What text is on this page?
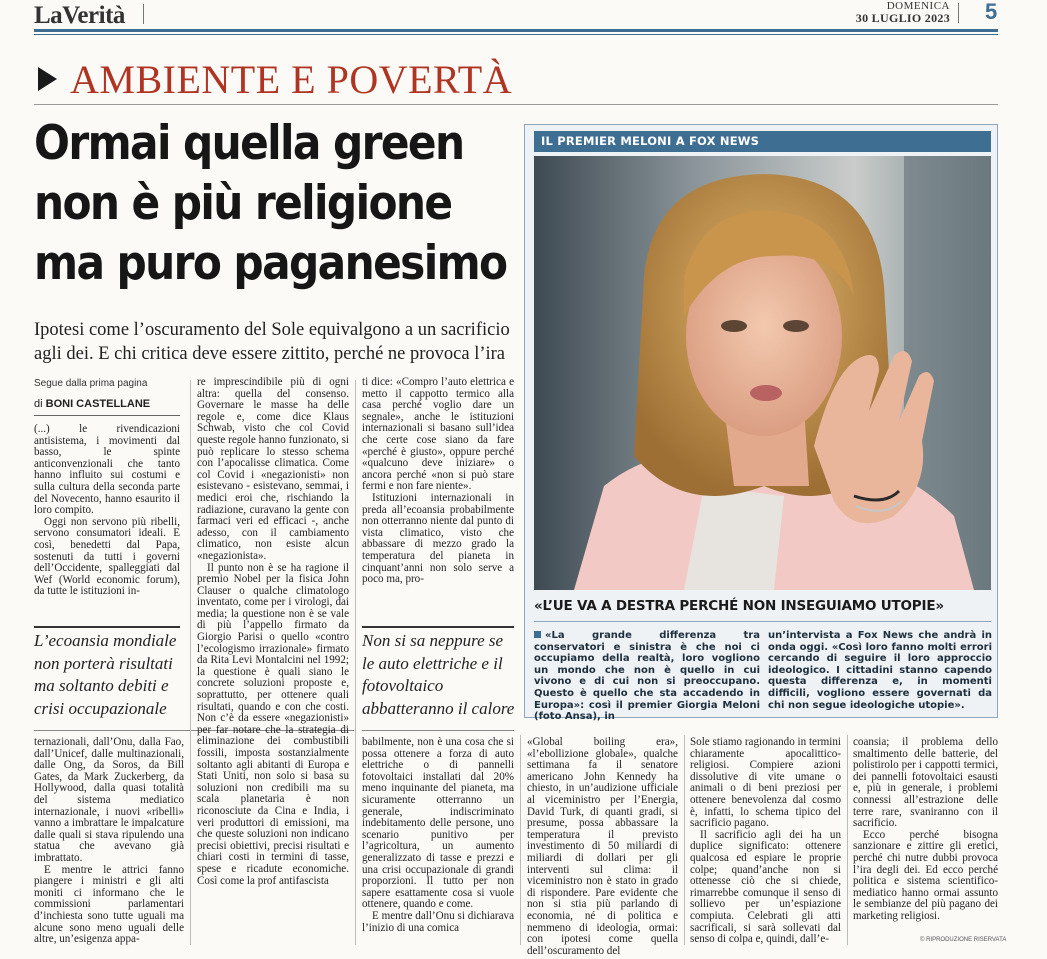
LaVerità	DOMENICA
30 LUGLIO 2023 5
AMBIENTE E POVERTÀ
Ormai quella green
non è più religione
ma puro paganesimo
Ipotesi come l’oscuramento del Sole equivalgono a un sacrificio agli dei. E chi critica deve essere zittito, perché ne provoca l’ira
Segue dalla prima pagina
di BONI CASTELLANE

(...) le rivendicazioni antisistema, i movimenti dal basso, le spinte anticonvenzionali che tanto hanno influito sui costumi e sulla cultura della seconda parte del Novecento, hanno esaurito il loro compito.

Oggi non servono più ribelli, servono consumatori ideali. E così, benedetti dal Papa, sostenuti da tutti i governi dell’Occidente, spalleggiati dal Wef (World economic forum), da tutte le istituzioni in-

L’ecoansia mondiale non porterà risultati ma soltanto debiti e crisi occupazionale

ternazionali, dall’Onu, dalla Fao, dall’Unicef, dalle multinazionali, dalle Ong, da Soros, da Bill Gates, da Mark Zuckerberg, da Hollywood, dalla quasi totalità del sistema mediatico internazionale, i nuovi «ribelli» vanno a imbrattare le impalcature dalle quali si stava ripulendo una statua che avevano già imbrattato.

E mentre le attrici fanno piangere i ministri e gli alti moniti ci informano che le commissioni parlamentari d’inchiesta sono tutte uguali ma alcune sono meno uguali delle altre, un’esigenza appa-

re imprescindibile più di ogni altra: quella del consenso. Governare le masse ha delle regole e, come dice Klaus Schwab, visto che col Covid queste regole hanno funzionato, si può replicare lo stesso schema con l’apocalisse climatica. Come col Covid i «negazionisti» non esistevano - esistevano, semmai, i medici eroi che, rischiando la radiazione, curavano la gente con farmaci veri ed efficaci -, anche adesso, con il cambiamento climatico, non esiste alcun «negazionista».

Il punto non è se ha ragione il premio Nobel per la fisica John Clauser o qualche climatologo inventato, come per i virologi, dai media; la questione non è se vale di più l’appello firmato da Giorgio Parisi o quello «contro l’ecologismo irrazionale» firmato da Rita Levi Montalcini nel 1992; la questione è quali siano le concrete soluzioni proposte e, soprattutto, per ottenere quali risultati, quando e con che costi. Non c’è da essere «negazionisti» per far notare che la strategia di eliminazione dei combustibili fossili, imposta sostanzialmente soltanto agli abitanti di Europa e Stati Uniti, non solo si basa su soluzioni non credibili ma su scala planetaria è non riconosciute da Cina e India, i veri produttori di emissioni, ma che queste soluzioni non indicano precisi obiettivi, precisi risultati e chiari costi in termini di tasse, spese e ricadute economiche. Così come la prof antifascista

ti dice: «Compro l’auto elettrica e metto il cappotto termico alla casa perché voglio dare un segnale», anche le istituzioni internazionali si basano sull’idea che certe cose siano da fare «perché è giusto», oppure perché «qualcuno deve iniziare» o ancora perché «non si può stare fermi e non fare niente».

Istituzioni internazionali in preda all’ecoansia probabilmente non otterranno niente dal punto di vista climatico, visto che abbassare di mezzo grado la temperatura del pianeta in cinquant’anni non solo serve a poco ma, pro-

Non si sa neppure se le auto elettriche e il fotovoltaico abbatteranno il calore

babilmente, non è una cosa che si possa ottenere a forza di auto elettriche o di pannelli fotovoltaici installati dal 20% meno inquinante del pianeta, ma sicuramente otterranno un generale, indiscriminato indebitamento delle persone, uno scenario punitivo per l’agricoltura, un aumento generalizzato di tasse e prezzi e una crisi occupazionale di grandi proporzioni. Il tutto per non sapere esattamente cosa si vuole ottenere, quando e come.

E mentre dall’Onu si dichiarava l’inizio di una comica

IL PREMIER MELONI A FOX NEWS
«L’UE VA A DESTRA PERCHÉ NON INSEGUIAMO UTOPIE»
«La grande differenza tra conservatori e sinistra è che noi ci occupiamo della realtà, loro vogliono un mondo che non è quello in cui vivono e di cui non si preoccupano. Questo è quello che sta accadendo in Europa»: così il premier Giorgia Meloni (foto Ansa), in
un’intervista a Fox News che andrà in onda oggi. «Così loro fanno molti errori cercando di seguire il loro approccio ideologico. I cittadini stanno capendo questa differenza e, in momenti difficili, vogliono essere governati da chi non segue ideologiche utopie».

«Global boiling era», «l’ebollizione globale», qualche settimana fa il senatore americano John Kennedy ha chiesto, in un’audizione ufficiale al viceministro per l’Energia, David Turk, di quanti gradi, si presume, possa abbassare la temperatura il previsto investimento di 50 miliardi di miliardi di dollari per gli interventi sul clima: il viceministro non è stato in grado di rispondere. Pare evidente che non si stia più parlando di economia, né di politica e nemmeno di ideologia, ormai: con ipotesi come quella dell’oscuramento del

Sole stiamo ragionando in termini chiaramente apocalittico-religiosi. Compiere azioni dissolutive di vite umane o animali o di beni preziosi per ottenere benevolenza dal cosmo è, infatti, lo schema tipico del sacrificio pagano.

Il sacrificio agli dei ha un duplice significato: ottenere qualcosa ed espiare le proprie colpe; quand’anche non si ottenesse ciò che si chiede, rimarrebbe comunque il senso di sollievo per un’espiazione compiuta. Celebrati gli atti sacrificali, si sarà sollevati dal senso di colpa e, quindi, dall’e-

coansia; il problema dello smaltimento delle batterie, del polistirolo per i cappotti termici, dei pannelli fotovoltaici esausti e, più in generale, i problemi connessi all’estrazione delle terre rare, svaniranno con il sacrificio.

Ecco perché bisogna sanzionare e zittire gli eretici, perché chi nutre dubbi provoca l’ira degli dei. Ed ecco perché politica e sistema scientifico-mediatico hanno ormai assunto le sembianze del più pagano dei marketing religiosi.

© RIPRODUZIONE RISERVATA
